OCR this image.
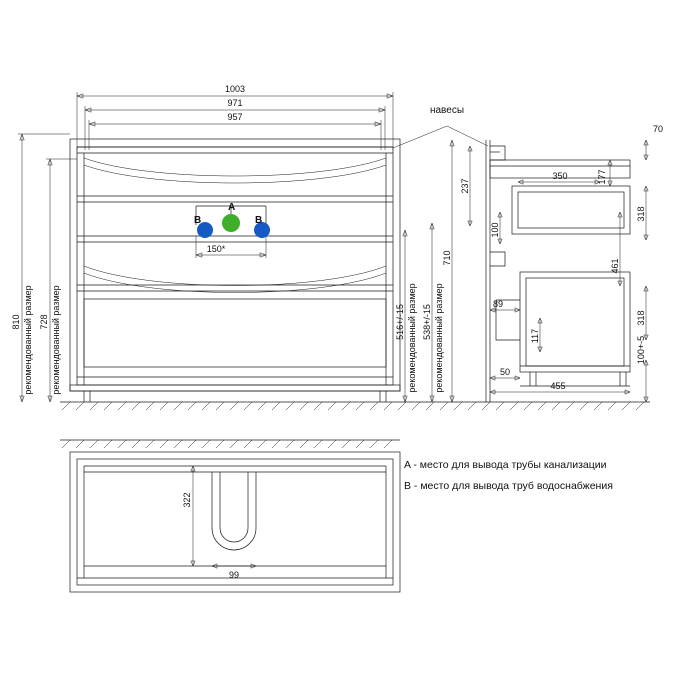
A
B	B
150*
навесы
810 рекомендованный размер 728 рекомендованный размер	516+/-15 рекомендованный размер 538+/-15 рекомендованный размер
710
1003
971
957
70
177
237
100
350
318
461
318
89
117	100+-5
50
455
322
99
A - место для вывода трубы канализации
B - место для вывода труб водоснабжения
